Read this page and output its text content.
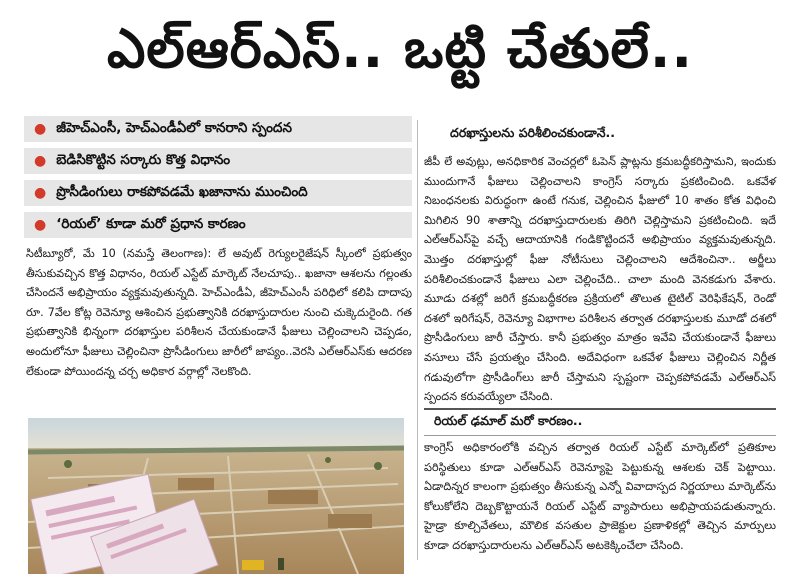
ఎల్‌ఆర్‌ఎస్‌.. ఒట్టి చేతులే..
● జీహెచ్‌ఎంసీ, హెచ్‌ఎండీఏలో కానరాని స్పందన
● బెడిసికొట్టిన సర్కారు కొత్త విధానం
● ప్రొసీడింగులు రాకపోవడమే ఖజానాను ముంచింది
● ‘రియల్‌’ కూడా మరో ప్రధాన కారణం
సిటీబ్యూరో, మే 10 (నమస్తే తెలంగాణ): లే అవుట్‌ రెగ్యులరైజేషన్‌ స్కీంలో ప్రభుత్వం తీసుకువచ్చిన కొత్త విధానం, రియల్‌ ఎస్టేట్‌ మార్కెట్‌ నేలచూపు.. ఖజానా ఆశలను గల్లంతు చేసిందనే అభిప్రాయం వ్యక్తమవుతున్నది. హెచ్‌ఎండీఏ, జీహెచ్‌ఎంసీ పరిధిలో కలిపి దాదాపు రూ. 7వేల కోట్ల రెవెన్యూ ఆశించిన ప్రభుత్వానికి దరఖాస్తుదారుల నుంచి చుక్కెదురైంది. గత ప్రభుత్వానికి భిన్నంగా దరఖాస్తుల పరిశీలన చేయకుండానే ఫీజులు చెల్లించాలని చెప్పడం, అందులోనూ ఫీజులు చెల్లించినా ప్రొసీడింగులు జారీలో జాప్యం..వెరసి ఎల్‌ఆర్‌ఎస్‌కు ఆదరణ లేకుండా పోయిందన్న చర్చ అధికార వర్గాల్లో నెలకొంది.
దరఖాస్తులను పరిశీలించకుండానే..
జీపీ లే అవుట్లు, అనధికారిక వెంచర్లలో ఓపెన్‌ ప్లాట్లను క్రమబద్ధీకరిస్తామని, ఇందుకు ముందుగానే ఫీజులు చెల్లించాలని కాంగ్రెస్‌ సర్కారు ప్రకటించింది. ఒకవేళ నిబంధనలకు విరుద్ధంగా ఉంటే గనుక, చెల్లించిన ఫీజులో 10 శాతం కోత విధించి మిగిలిన 90 శాతాన్ని దరఖాస్తుదారులకు తిరిగి చెల్లిస్తామని ప్రకటించింది. ఇదే ఎల్‌ఆర్‌ఎస్‌పై వచ్చే ఆదాయానికి గండికొట్టిందనే అభిప్రాయం వ్యక్తమవుతున్నది. మొత్తం దరఖాస్తుల్లో ఫీజు నోటీసులు చెల్లించాలని ఆదేశించినా.. అర్జీలు పరిశీలించకుండానే ఫీజులు ఎలా చెల్లించేది.. చాలా మంది వెనకడుగు వేశారు. మూడు దశల్లో జరిగే క్రమబద్ధీకరణ ప్రక్రియలో తొలుత టైటిల్‌ వెరిఫికేషన్‌, రెండో దశలో ఇరిగేషన్‌, రెవెన్యూ విభాగాల పరిశీలన తర్వాత దరఖాస్తులకు మూడో దశలో ప్రొసీడింగులు జారీ చేస్తారు. కానీ ప్రభుత్వం మాత్రం ఇవేవి చేయకుండానే ఫీజులు వసూలు చేసే ప్రయత్నం చేసింది. అదేవిధంగా ఒకవేళ ఫీజులు చెల్లించిన నిర్ణీత గడువులోగా ప్రొసీడింగ్‌లు జారీ చేస్తామని స్పష్టంగా చెప్పకపోవడమే ఎల్‌ఆర్‌ఎస్‌ స్పందన కరువయ్యేలా చేసింది.
రియల్‌ ఢమాల్‌ మరో కారణం..
కాంగ్రెస్‌ అధికారంలోకి వచ్చిన తర్వాత రియల్‌ ఎస్టేట్‌ మార్కెట్‌లో ప్రతికూల పరిస్థితులు కూడా ఎల్‌ఆర్‌ఎస్‌ రెవెన్యూపై పెట్టుకున్న ఆశలకు చెక్‌ పెట్టాయి. ఏడాదిన్నర కాలంగా ప్రభుత్వం తీసుకున్న ఎన్నో వివాదాస్పద నిర్ణయాలు మార్కెట్‌ను కోలుకోలేని దెబ్బకొట్టాయనే రియల్‌ ఎస్టేట్‌ వ్యాపారులు అభిప్రాయపడుతున్నారు. హైడ్రా కూల్చివేతలు, మౌలిక వసతుల ప్రాజెక్టుల ప్రణాళికల్లో తెచ్చిన మార్పులు కూడా దరఖాస్తుదారులను ఎల్‌ఆర్‌ఎస్‌ అటకెక్కించేలా చేసింది.
